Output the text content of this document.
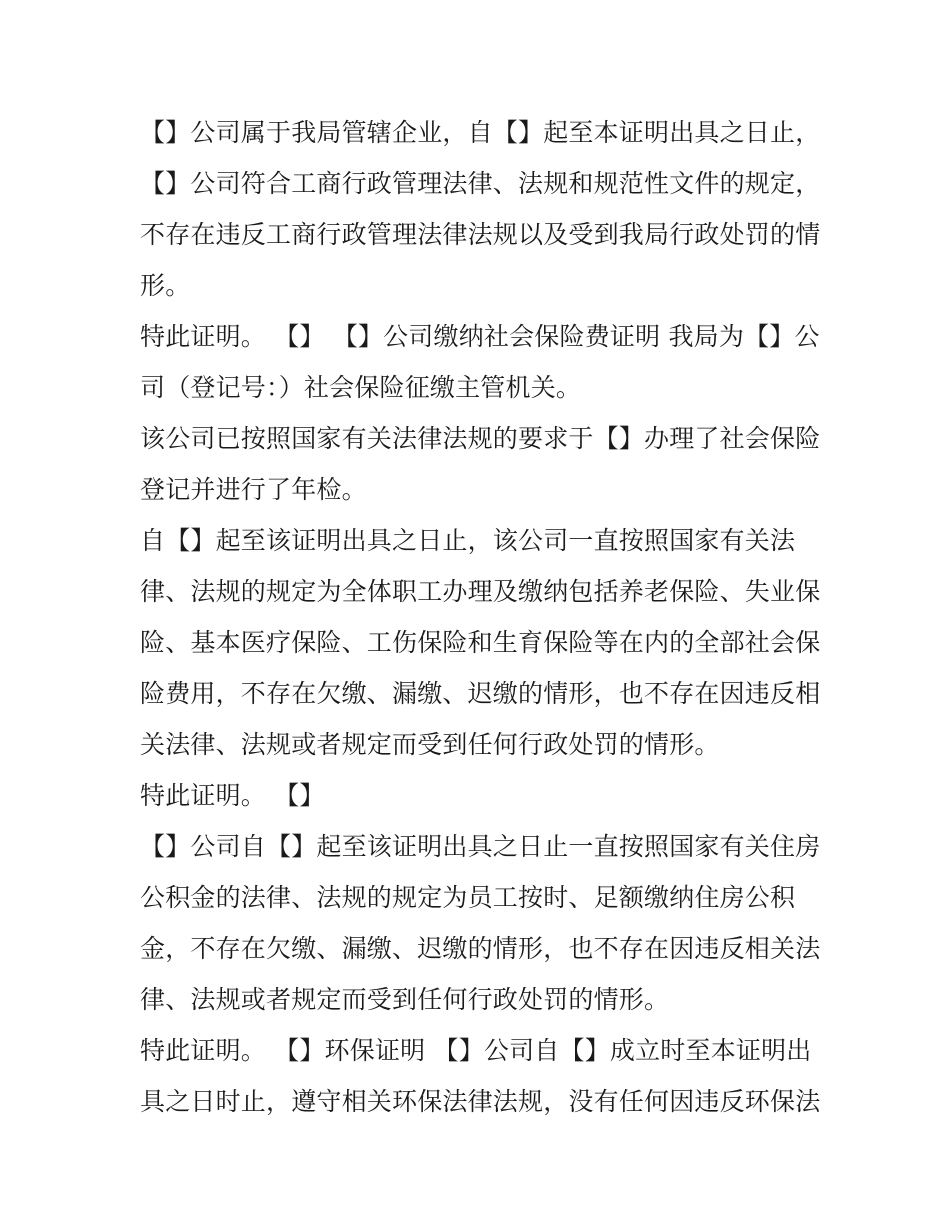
【】公司属于我局管辖企业，自【】起至本证明出具之日止，
【】公司符合工商行政管理法律、法规和规范性文件的规定，
不存在违反工商行政管理法律法规以及受到我局行政处罚的情
形。
特此证明。 【】 【】公司缴纳社会保险费证明 我局为【】公
司（登记号：）社会保险征缴主管机关。
该公司已按照国家有关法律法规的要求于【】办理了社会保险
登记并进行了年检。
自【】起至该证明出具之日止，该公司一直按照国家有关法
律、法规的规定为全体职工办理及缴纳包括养老保险、失业保
险、基本医疗保险、工伤保险和生育保险等在内的全部社会保
险费用，不存在欠缴、漏缴、迟缴的情形，也不存在因违反相
关法律、法规或者规定而受到任何行政处罚的情形。
特此证明。 【】
【】公司自【】起至该证明出具之日止一直按照国家有关住房
公积金的法律、法规的规定为员工按时、足额缴纳住房公积
金，不存在欠缴、漏缴、迟缴的情形，也不存在因违反相关法
律、法规或者规定而受到任何行政处罚的情形。
特此证明。 【】环保证明 【】公司自【】成立时至本证明出
具之日时止，遵守相关环保法律法规，没有任何因违反环保法
